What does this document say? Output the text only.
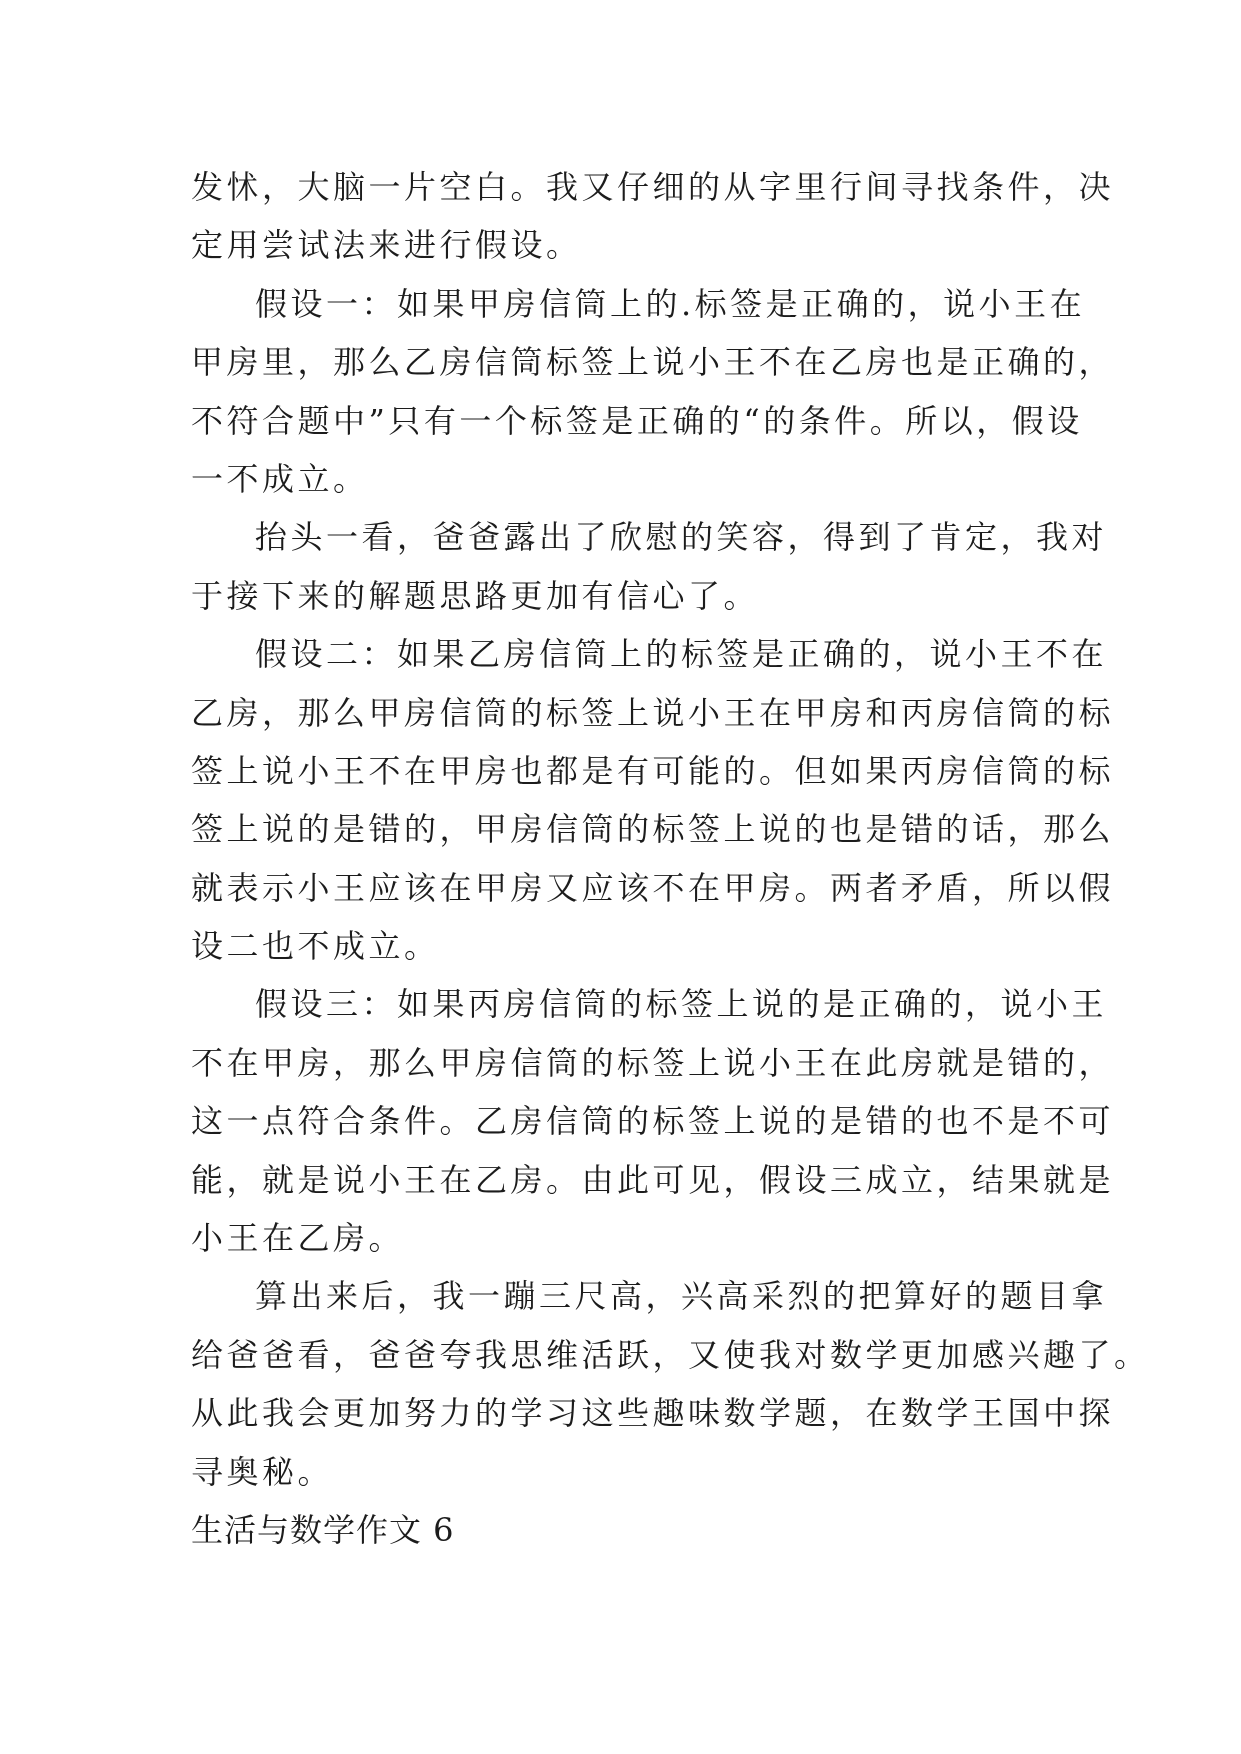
发怵，大脑一片空白。我又仔细的从字里行间寻找条件，决
定用尝试法来进行假设。
假设一：如果甲房信筒上的.标签是正确的，说小王在
甲房里，那么乙房信筒标签上说小王不在乙房也是正确的，
不符合题中”只有一个标签是正确的“的条件。所以，假设
一不成立。
抬头一看，爸爸露出了欣慰的笑容，得到了肯定，我对
于接下来的解题思路更加有信心了。
假设二：如果乙房信筒上的标签是正确的，说小王不在
乙房，那么甲房信筒的标签上说小王在甲房和丙房信筒的标
签上说小王不在甲房也都是有可能的。但如果丙房信筒的标
签上说的是错的，甲房信筒的标签上说的也是错的话，那么
就表示小王应该在甲房又应该不在甲房。两者矛盾，所以假
设二也不成立。
假设三：如果丙房信筒的标签上说的是正确的，说小王
不在甲房，那么甲房信筒的标签上说小王在此房就是错的，
这一点符合条件。乙房信筒的标签上说的是错的也不是不可
能，就是说小王在乙房。由此可见，假设三成立，结果就是
小王在乙房。
算出来后，我一蹦三尺高，兴高采烈的把算好的题目拿
给爸爸看，爸爸夸我思维活跃，又使我对数学更加感兴趣了。
从此我会更加努力的学习这些趣味数学题，在数学王国中探
寻奥秘。
生活与数学作文 6
